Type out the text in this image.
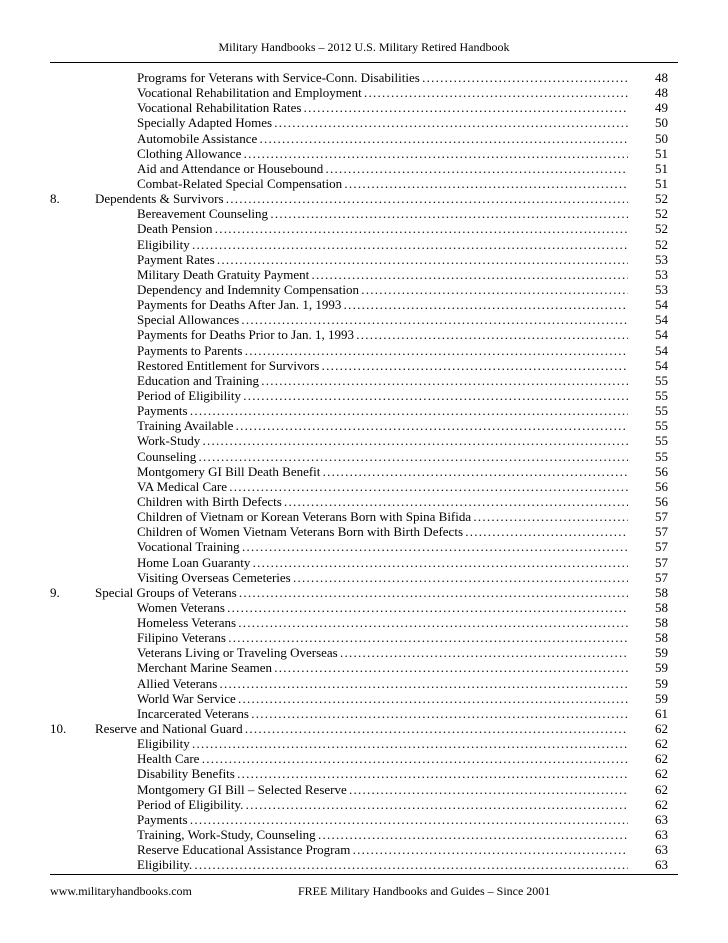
Military Handbooks – 2012 U.S. Military Retired Handbook
Programs for Veterans with Service-Conn. Disabilities . . .	48
Vocational Rehabilitation and Employment . . .	48
Vocational Rehabilitation Rates . . .	49
Specially Adapted Homes . . .	50
Automobile Assistance . . .	50
Clothing Allowance . . .	51
Aid and Attendance or Housebound . . .	51
Combat-Related Special Compensation . . .	51
8.	Dependents & Survivors . . .	52
Bereavement Counseling . . .	52
Death Pension . . .	52
Eligibility . . .	52
Payment Rates . . .	53
Military Death Gratuity Payment . . .	53
Dependency and Indemnity Compensation . . .	53
Payments for Deaths After Jan. 1, 1993 . . .	54
Special Allowances . . .	54
Payments for Deaths Prior to Jan. 1, 1993 . . .	54
Payments to Parents . . .	54
Restored Entitlement for Survivors . . .	54
Education and Training . . .	55
Period of Eligibility . . .	55
Payments . . .	55
Training Available . . .	55
Work-Study . . .	55
Counseling . . .	55
Montgomery GI Bill Death Benefit . . .	56
VA Medical Care . . .	56
Children with Birth Defects . . .	56
Children of Vietnam or Korean Veterans Born with Spina Bifida . . .	57
Children of Women Vietnam Veterans Born with Birth Defects . . .	57
Vocational Training . . .	57
Home Loan Guaranty . . .	57
Visiting Overseas Cemeteries . . .	57
9.	Special Groups of Veterans . . .	58
Women Veterans . . .	58
Homeless Veterans . . .	58
Filipino Veterans . . .	58
Veterans Living or Traveling Overseas . . .	59
Merchant Marine Seamen . . .	59
Allied Veterans . . .	59
World War Service . . .	59
Incarcerated Veterans . . .	61
10. Reserve and National Guard . . .	62
Eligibility . . .	62
Health Care . . .	62
Disability Benefits . . .	62
Montgomery GI Bill – Selected Reserve . . .	62
Period of Eligibility. . . .	62
Payments . . .	63
Training, Work-Study, Counseling . . .	63
Reserve Educational Assistance Program . . .	63
Eligibility. . . .	63
www.militaryhandbooks.com	FREE Military Handbooks and Guides – Since 2001
